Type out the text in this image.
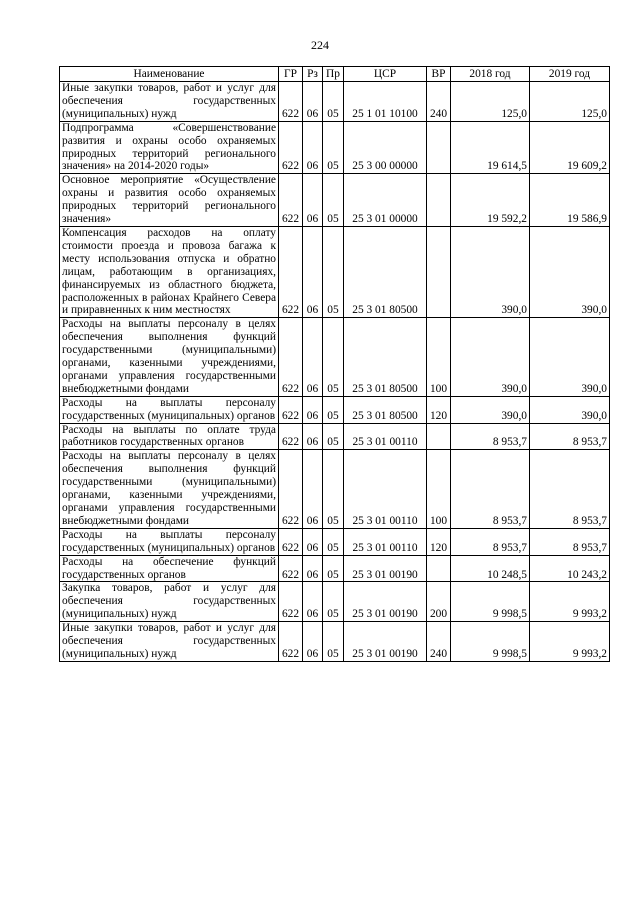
224
Наименование	ГР	Рз	Пр	ЦСР	ВР	2018 год	2019 год
Иные закупки товаров, работ и услуг для обеспечения государственных (муниципальных) нужд	622	06	05	25 1 01 10100	240	125,0	125,0
Подпрограмма «Совершенствование развития и охраны особо охраняемых природных территорий регионального значения» на 2014-2020 годы»	622	06	05	25 3 00 00000		19 614,5	19 609,2
Основное мероприятие «Осуществление охраны и развития особо охраняемых природных территорий регионального значения»	622	06	05	25 3 01 00000		19 592,2	19 586,9
Компенсация расходов на оплату стоимости проезда и провоза багажа к месту использования отпуска и обратно лицам, работающим в организациях, финансируемых из областного бюджета, расположенных в районах Крайнего Севера и приравненных к ним местностях	622	06	05	25 3 01 80500		390,0	390,0
Расходы на выплаты персоналу в целях обеспечения выполнения функций государственными (муниципальными) органами, казенными учреждениями, органами управления государственными внебюджетными фондами	622	06	05	25 3 01 80500	100	390,0	390,0
Расходы на выплаты персоналу государственных (муниципальных) органов	622	06	05	25 3 01 80500	120	390,0	390,0
Расходы на выплаты по оплате труда работников государственных органов	622	06	05	25 3 01 00110		8 953,7	8 953,7
Расходы на выплаты персоналу в целях обеспечения выполнения функций государственными (муниципальными) органами, казенными учреждениями, органами управления государственными внебюджетными фондами	622	06	05	25 3 01 00110	100	8 953,7	8 953,7
Расходы на выплаты персоналу государственных (муниципальных) органов	622	06	05	25 3 01 00110	120	8 953,7	8 953,7
Расходы на обеспечение функций государственных органов	622	06	05	25 3 01 00190		10 248,5	10 243,2
Закупка товаров, работ и услуг для обеспечения государственных (муниципальных) нужд	622	06	05	25 3 01 00190	200	9 998,5	9 993,2
Иные закупки товаров, работ и услуг для обеспечения государственных (муниципальных) нужд	622	06	05	25 3 01 00190	240	9 998,5	9 993,2
